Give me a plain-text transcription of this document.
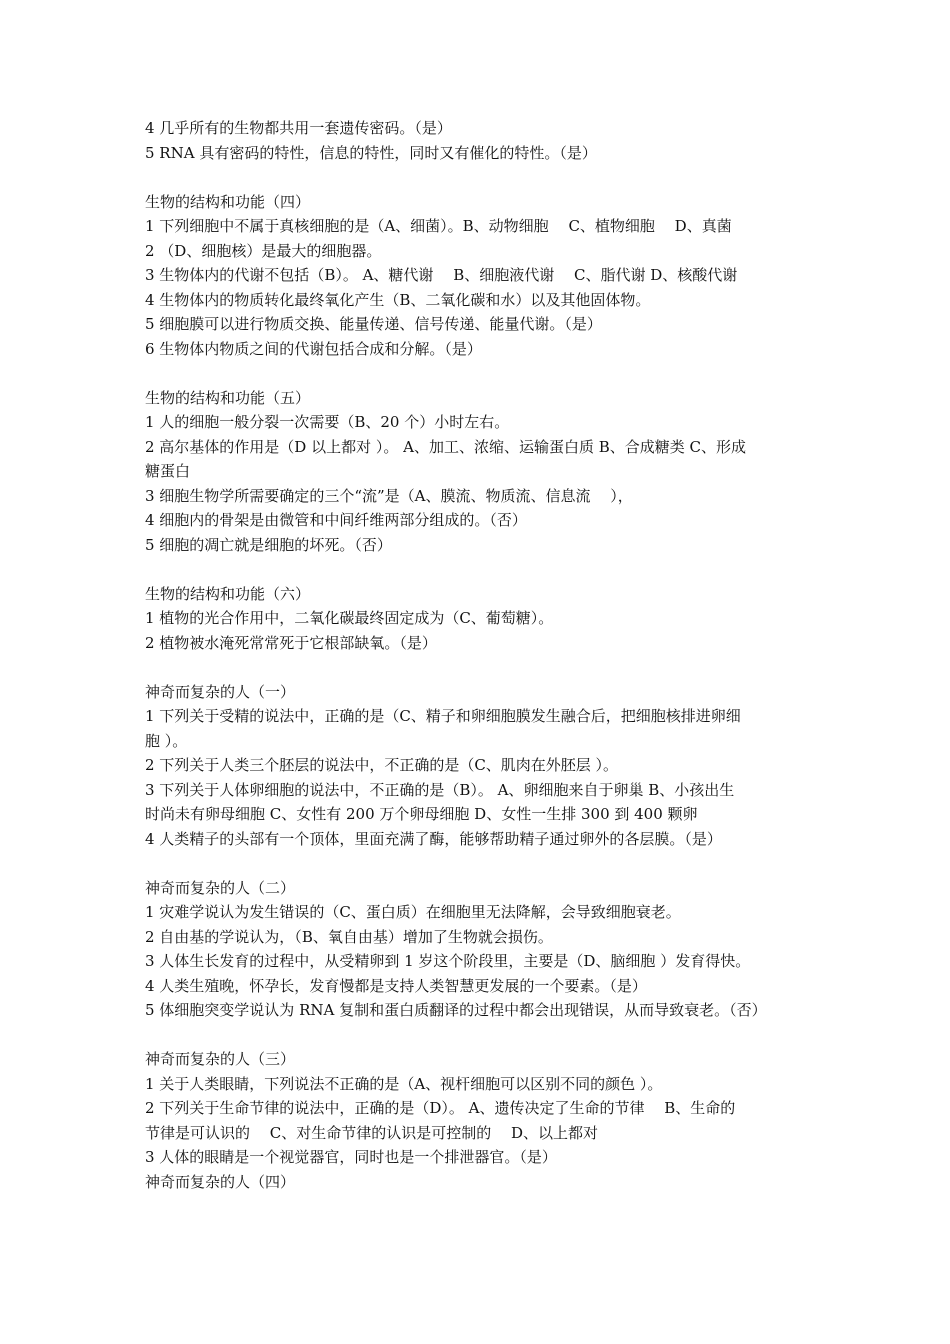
4 几乎所有的生物都共用一套遗传密码。（是）
5 RNA 具有密码的特性，信息的特性，同时又有催化的特性。（是）
生物的结构和功能（四）
1 下列细胞中不属于真核细胞的是（A、细菌）。B、动物细胞　 C、植物细胞　 D、真菌
2 （D、细胞核）是最大的细胞器。
3 生物体内的代谢不包括（B）。 A、糖代谢　 B、细胞液代谢　 C、脂代谢 D、核酸代谢
4 生物体内的物质转化最终氧化产生（B、二氧化碳和水）以及其他固体物。
5 细胞膜可以进行物质交换、能量传递、信号传递、能量代谢。（是）
6 生物体内物质之间的代谢包括合成和分解。（是）
生物的结构和功能（五）
1 人的细胞一般分裂一次需要（B、20 个）小时左右。
2 高尔基体的作用是（D 以上都对 ）。 A、加工、浓缩、运输蛋白质 B、合成糖类 C、形成
糖蛋白
3 细胞生物学所需要确定的三个“流”是（A、膜流、物质流、信息流　 ），
4 细胞内的骨架是由微管和中间纤维两部分组成的。（否）
5 细胞的凋亡就是细胞的坏死。（否）
生物的结构和功能（六）
1 植物的光合作用中，二氧化碳最终固定成为（C、葡萄糖）。
2 植物被水淹死常常死于它根部缺氧。（是）
神奇而复杂的人（一）
1 下列关于受精的说法中，正确的是（C、精子和卵细胞膜发生融合后，把细胞核排进卵细
胞 ）。
2 下列关于人类三个胚层的说法中，不正确的是（C、肌肉在外胚层 ）。
3 下列关于人体卵细胞的说法中，不正确的是（B）。 A、卵细胞来自于卵巢 B、小孩出生
时尚未有卵母细胞 C、女性有 200 万个卵母细胞 D、女性一生排 300 到 400 颗卵
4 人类精子的头部有一个顶体，里面充满了酶，能够帮助精子通过卵外的各层膜。（是）
神奇而复杂的人（二）
1 灾难学说认为发生错误的（C、蛋白质）在细胞里无法降解，会导致细胞衰老。
2 自由基的学说认为，（B、氧自由基）增加了生物就会损伤。
3 人体生长发育的过程中，从受精卵到 1 岁这个阶段里，主要是（D、脑细胞 ）发育得快。
4 人类生殖晚，怀孕长，发育慢都是支持人类智慧更发展的一个要素。（是）
5 体细胞突变学说认为 RNA 复制和蛋白质翻译的过程中都会出现错误，从而导致衰老。（否）
神奇而复杂的人（三）
1 关于人类眼睛，下列说法不正确的是（A、视杆细胞可以区别不同的颜色 ）。
2 下列关于生命节律的说法中，正确的是（D）。 A、遗传决定了生命的节律　 B、生命的
节律是可认识的　 C、对生命节律的认识是可控制的　 D、以上都对
3 人体的眼睛是一个视觉器官，同时也是一个排泄器官。（是）
神奇而复杂的人（四）
